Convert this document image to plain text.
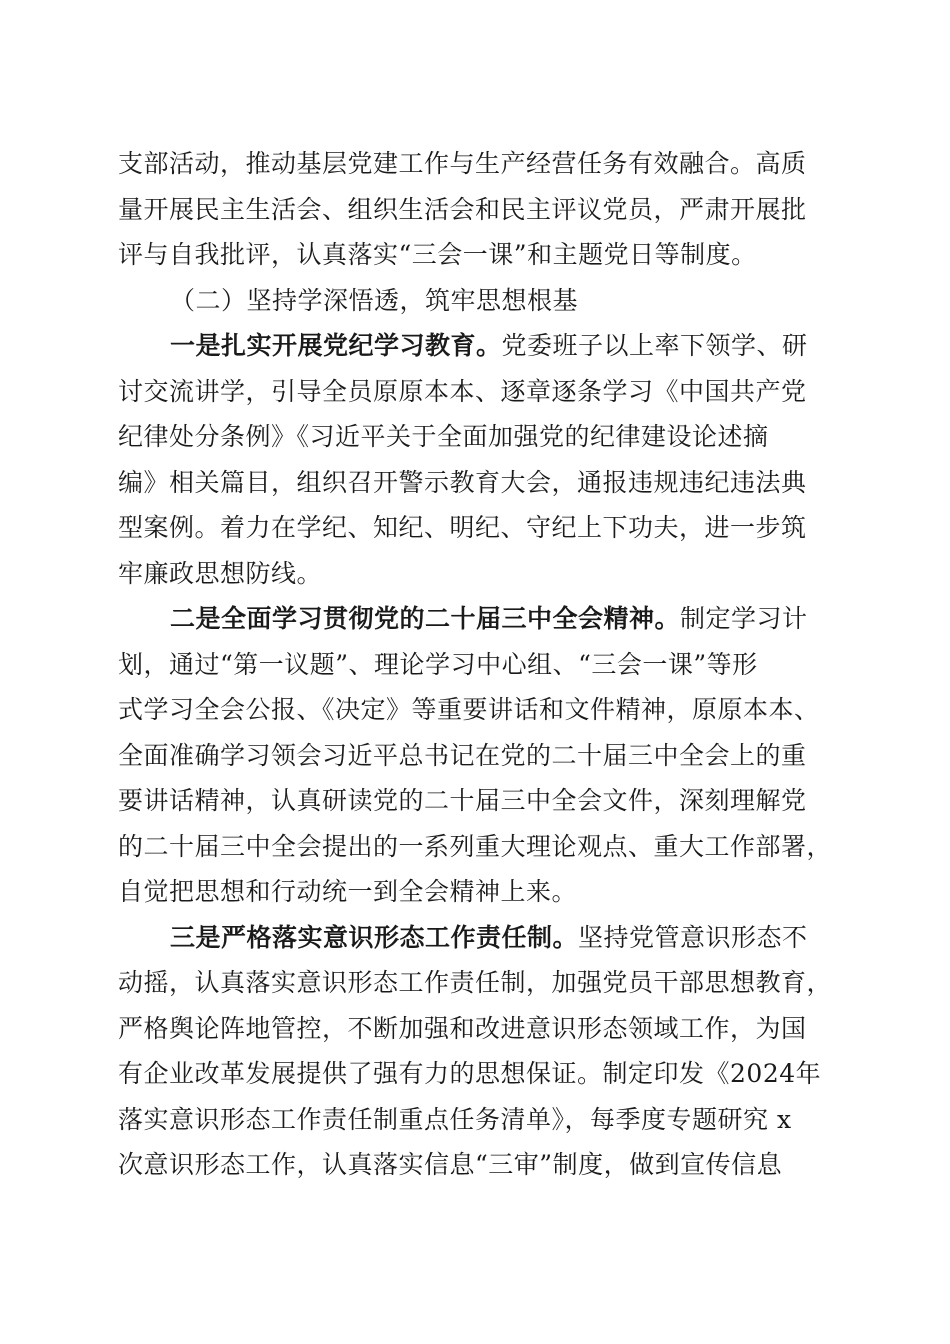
支部活动，推动基层党建工作与生产经营任务有效融合。高质
量开展民主生活会、组织生活会和民主评议党员，严肃开展批
评与自我批评，认真落实“三会一课”和主题党日等制度。
（二）坚持学深悟透，筑牢思想根基
一是扎实开展党纪学习教育。党委班子以上率下领学、研
讨交流讲学，引导全员原原本本、逐章逐条学习《中国共产党
纪律处分条例》《习近平关于全面加强党的纪律建设论述摘
编》相关篇目，组织召开警示教育大会，通报违规违纪违法典
型案例。着力在学纪、知纪、明纪、守纪上下功夫，进一步筑
牢廉政思想防线。
二是全面学习贯彻党的二十届三中全会精神。制定学习计
划，通过“第一议题”、理论学习中心组、“三会一课”等形
式学习全会公报、《决定》等重要讲话和文件精神，原原本本、
全面准确学习领会习近平总书记在党的二十届三中全会上的重
要讲话精神，认真研读党的二十届三中全会文件，深刻理解党
的二十届三中全会提出的一系列重大理论观点、重大工作部署，
自觉把思想和行动统一到全会精神上来。
三是严格落实意识形态工作责任制。坚持党管意识形态不
动摇，认真落实意识形态工作责任制，加强党员干部思想教育，
严格舆论阵地管控，不断加强和改进意识形态领域工作，为国
有企业改革发展提供了强有力的思想保证。制定印发《2024年
落实意识形态工作责任制重点任务清单》，每季度专题研究 x
次意识形态工作，认真落实信息“三审”制度，做到宣传信息
